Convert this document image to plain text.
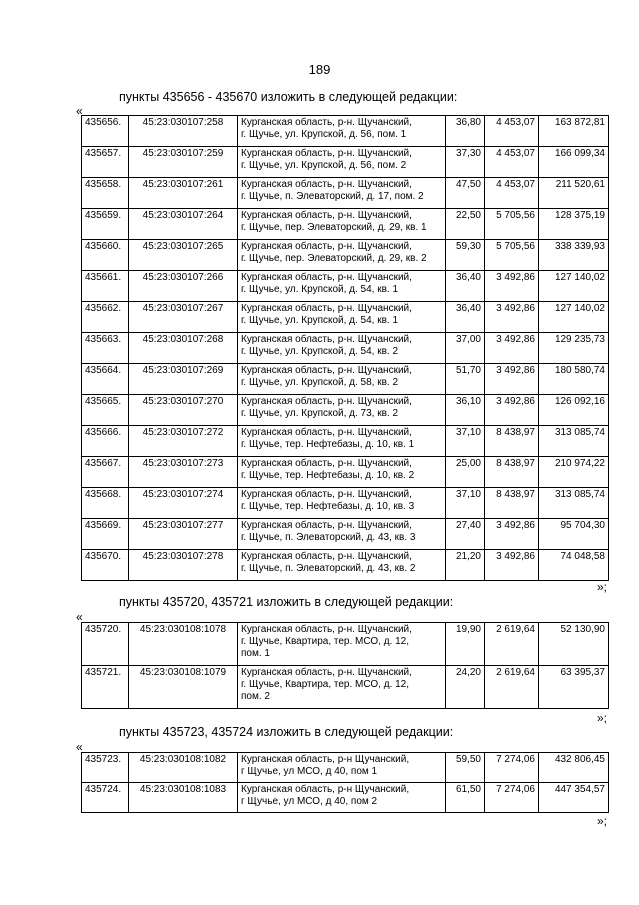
189
пункты 435656 - 435670 изложить в следующей редакции:
«
435656.	45:23:030107:258	Курганская область, р-н. Щучанский,
г. Щучье, ул. Крупской, д. 56, пом. 1	36,80	4 453,07	163 872,81
435657.	45:23:030107:259	Курганская область, р-н. Щучанский,
г. Щучье, ул. Крупской, д. 56, пом. 2	37,30	4 453,07	166 099,34
435658.	45:23:030107:261	Курганская область, р-н. Щучанский,
г. Щучье, п. Элеваторский, д. 17, пом. 2	47,50	4 453,07	211 520,61
435659.	45:23:030107:264	Курганская область, р-н. Щучанский,
г. Щучье, пер. Элеваторский, д. 29, кв. 1	22,50	5 705,56	128 375,19
435660.	45:23:030107:265	Курганская область, р-н. Щучанский,
г. Щучье, пер. Элеваторский, д. 29, кв. 2	59,30	5 705,56	338 339,93
435661.	45:23:030107:266	Курганская область, р-н. Щучанский,
г. Щучье, ул. Крупской, д. 54, кв. 1	36,40	3 492,86	127 140,02
435662.	45:23:030107:267	Курганская область, р-н. Щучанский,
г. Щучье, ул. Крупской, д. 54, кв. 1	36,40	3 492,86	127 140,02
435663.	45:23:030107:268	Курганская область, р-н. Щучанский,
г. Щучье, ул. Крупской, д. 54, кв. 2	37,00	3 492,86	129 235,73
435664.	45:23:030107:269	Курганская область, р-н. Щучанский,
г. Щучье, ул. Крупской, д. 58, кв. 2	51,70	3 492,86	180 580,74
435665.	45:23:030107:270	Курганская область, р-н. Щучанский,
г. Щучье, ул. Крупской, д. 73, кв. 2	36,10	3 492,86	126 092,16
435666.	45:23:030107:272	Курганская область, р-н. Щучанский,
г. Щучье, тер. Нефтебазы, д. 10, кв. 1	37,10	8 438,97	313 085,74
435667.	45:23:030107:273	Курганская область, р-н. Щучанский,
г. Щучье, тер. Нефтебазы, д. 10, кв. 2	25,00	8 438,97	210 974,22
435668.	45:23:030107:274	Курганская область, р-н. Щучанский,
г. Щучье, тер. Нефтебазы, д. 10, кв. 3	37,10	8 438,97	313 085,74
435669.	45:23:030107:277	Курганская область, р-н. Щучанский,
г. Щучье, п. Элеваторский, д. 43, кв. 3	27,40	3 492,86	95 704,30
435670.	45:23:030107:278	Курганская область, р-н. Щучанский,
г. Щучье, п. Элеваторский, д. 43, кв. 2	21,20	3 492,86	74 048,58
»;
пункты 435720, 435721 изложить в следующей редакции:
«
435720.	45:23:030108:1078	Курганская область, р-н. Щучанский,
г. Щучье, Квартира, тер. МСО, д. 12,
пом. 1	19,90	2 619,64	52 130,90
435721.	45:23:030108:1079	Курганская область, р-н. Щучанский,
г. Щучье, Квартира, тер. МСО, д. 12,
пом. 2	24,20	2 619,64	63 395,37
»;
пункты 435723, 435724 изложить в следующей редакции:
«
435723.	45:23:030108:1082	Курганская область, р-н Щучанский,
г Щучье, ул МСО, д 40, пом 1	59,50	7 274,06	432 806,45
435724.	45:23:030108:1083	Курганская область, р-н Щучанский,
г Щучье, ул МСО, д 40, пом 2	61,50	7 274,06	447 354,57
»;
